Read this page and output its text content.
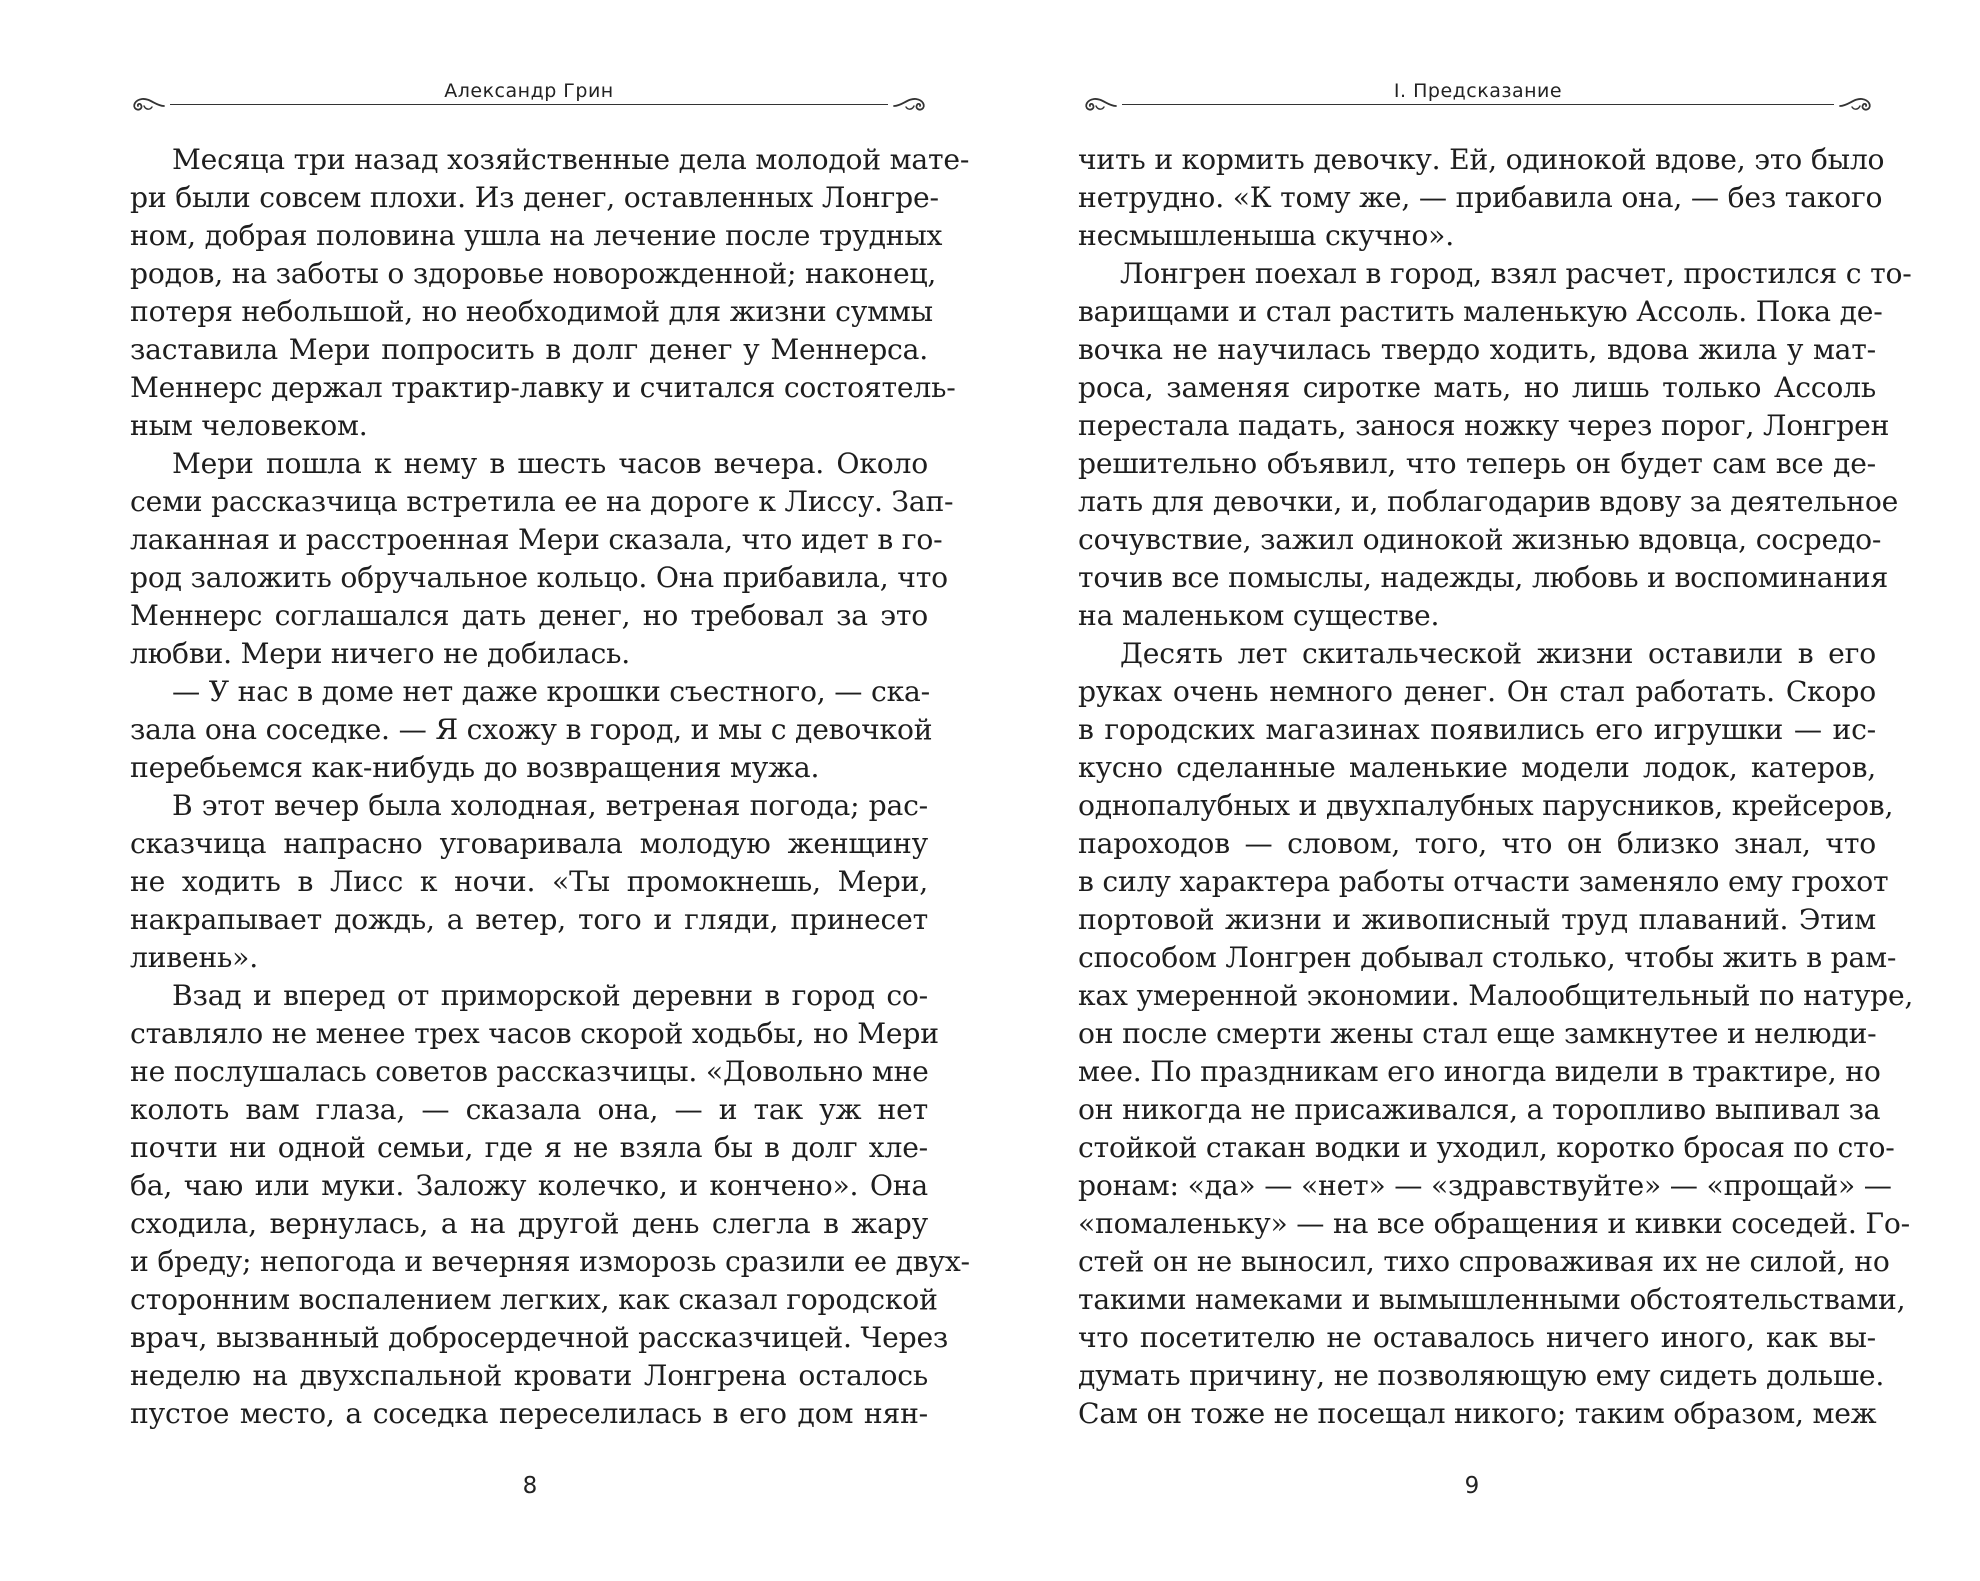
Александр Грин
Месяца три назад хозяйственные дела молодой мате-
ри были совсем плохи. Из денег, оставленных Лонгре-
ном, добрая половина ушла на лечение после трудных
родов, на заботы о здоровье новорожденной; наконец,
потеря небольшой, но необходимой для жизни суммы
заставила Мери попросить в долг денег у Меннерса.
Меннерс держал трактир-лавку и считался состоятель-
ным человеком.
Мери пошла к нему в шесть часов вечера. Около
семи рассказчица встретила ее на дороге к Лиссу. Зап-
лаканная и расстроенная Мери сказала, что идет в го-
род заложить обручальное кольцо. Она прибавила, что
Меннерс соглашался дать денег, но требовал за это
любви. Мери ничего не добилась.
— У нас в доме нет даже крошки съестного, — ска-
зала она соседке. — Я схожу в город, и мы с девочкой
перебьемся как-нибудь до возвращения мужа.
В этот вечер была холодная, ветреная погода; рас-
сказчица напрасно уговаривала молодую женщину
не ходить в Лисс к ночи. «Ты промокнешь, Мери,
накрапывает дождь, а ветер, того и гляди, принесет
ливень».
Взад и вперед от приморской деревни в город со-
ставляло не менее трех часов скорой ходьбы, но Мери
не послушалась советов рассказчицы. «Довольно мне
колоть вам глаза, — сказала она, — и так уж нет
почти ни одной семьи, где я не взяла бы в долг хле-
ба, чаю или муки. Заложу колечко, и кончено». Она
сходила, вернулась, а на другой день слегла в жару
и бреду; непогода и вечерняя изморозь сразили ее двух-
сторонним воспалением легких, как сказал городской
врач, вызванный добросердечной рассказчицей. Через
неделю на двухспальной кровати Лонгрена осталось
пустое место, а соседка переселилась в его дом нян-
8
I. Предсказание
чить и кормить девочку. Ей, одинокой вдове, это было
нетрудно. «К тому же, — прибавила она, — без такого
несмышленыша скучно».
Лонгрен поехал в город, взял расчет, простился с то-
варищами и стал растить маленькую Ассоль. Пока де-
вочка не научилась твердо ходить, вдова жила у мат-
роса, заменяя сиротке мать, но лишь только Ассоль
перестала падать, занося ножку через порог, Лонгрен
решительно объявил, что теперь он будет сам все де-
лать для девочки, и, поблагодарив вдову за деятельное
сочувствие, зажил одинокой жизнью вдовца, сосредо-
точив все помыслы, надежды, любовь и воспоминания
на маленьком существе.
Десять лет скитальческой жизни оставили в его
руках очень немного денег. Он стал работать. Скоро
в городских магазинах появились его игрушки — ис-
кусно сделанные маленькие модели лодок, катеров,
однопалубных и двухпалубных парусников, крейсеров,
пароходов — словом, того, что он близко знал, что
в силу характера работы отчасти заменяло ему грохот
портовой жизни и живописный труд плаваний. Этим
способом Лонгрен добывал столько, чтобы жить в рам-
ках умеренной экономии. Малообщительный по натуре,
он после смерти жены стал еще замкнутее и нелюди-
мее. По праздникам его иногда видели в трактире, но
он никогда не присаживался, а торопливо выпивал за
стойкой стакан водки и уходил, коротко бросая по сто-
ронам: «да» — «нет» — «здравствуйте» — «прощай» —
«помаленьку» — на все обращения и кивки соседей. Го-
стей он не выносил, тихо спроваживая их не силой, но
такими намеками и вымышленными обстоятельствами,
что посетителю не оставалось ничего иного, как вы-
думать причину, не позволяющую ему сидеть дольше.
Сам он тоже не посещал никого; таким образом, меж
9
